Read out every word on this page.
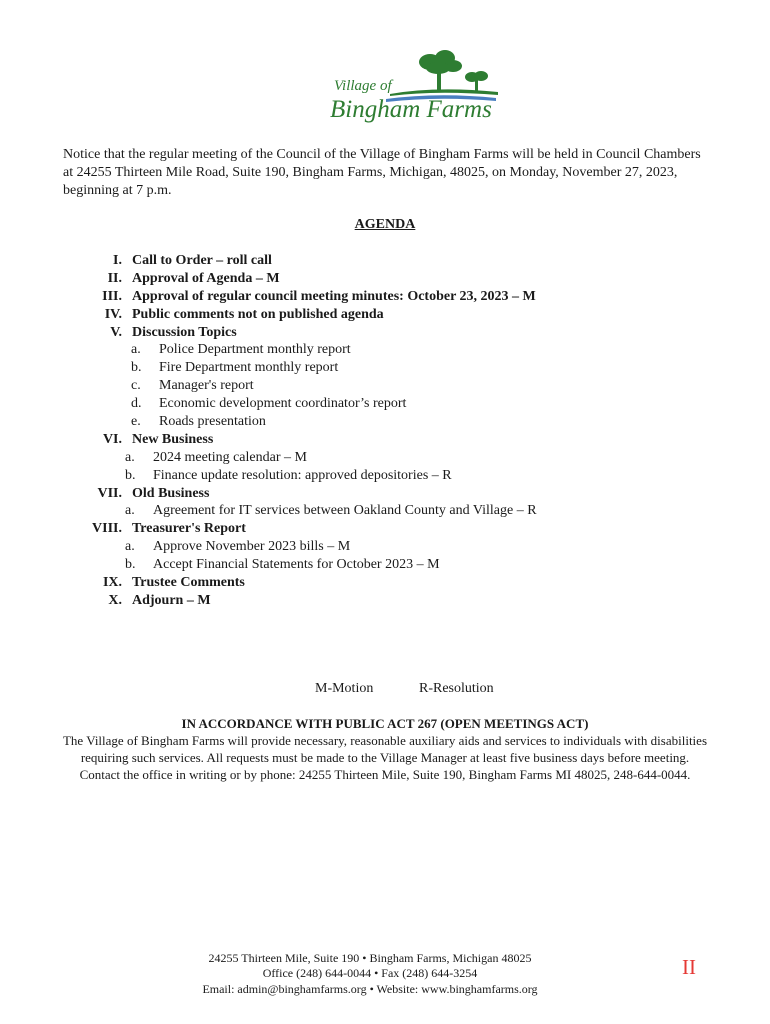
Village of
Bingham Farms
Notice that the regular meeting of the Council of the Village of Bingham Farms will be held in Council Chambers at 24255 Thirteen Mile Road, Suite 190, Bingham Farms, Michigan, 48025, on Monday, November 27, 2023, beginning at 7 p.m.
AGENDA
I. Call to Order – roll call
II. Approval of Agenda – M
III. Approval of regular council meeting minutes: October 23, 2023 – M
IV. Public comments not on published agenda
V. Discussion Topics
a. Police Department monthly report
b. Fire Department monthly report
c. Manager's report
d. Economic development coordinator’s report
e. Roads presentation
VI. New Business
a. 2024 meeting calendar – M
b. Finance update resolution: approved depositories – R
VII. Old Business
a. Agreement for IT services between Oakland County and Village – R
VIII. Treasurer's Report
a. Approve November 2023 bills – M
b. Accept Financial Statements for October 2023 – M
IX. Trustee Comments
X. Adjourn – M
M-Motion	R-Resolution
IN ACCORDANCE WITH PUBLIC ACT 267 (OPEN MEETINGS ACT)
The Village of Bingham Farms will provide necessary, reasonable auxiliary aids and services to individuals with disabilities requiring such services. All requests must be made to the Village Manager at least five business days before meeting. Contact the office in writing or by phone: 24255 Thirteen Mile, Suite 190, Bingham Farms MI 48025, 248-644-0044.
24255 Thirteen Mile, Suite 190 • Bingham Farms, Michigan 48025
Office (248) 644-0044 • Fax (248) 644-3254
Email: admin@binghamfarms.org • Website: www.binghamfarms.org
II
